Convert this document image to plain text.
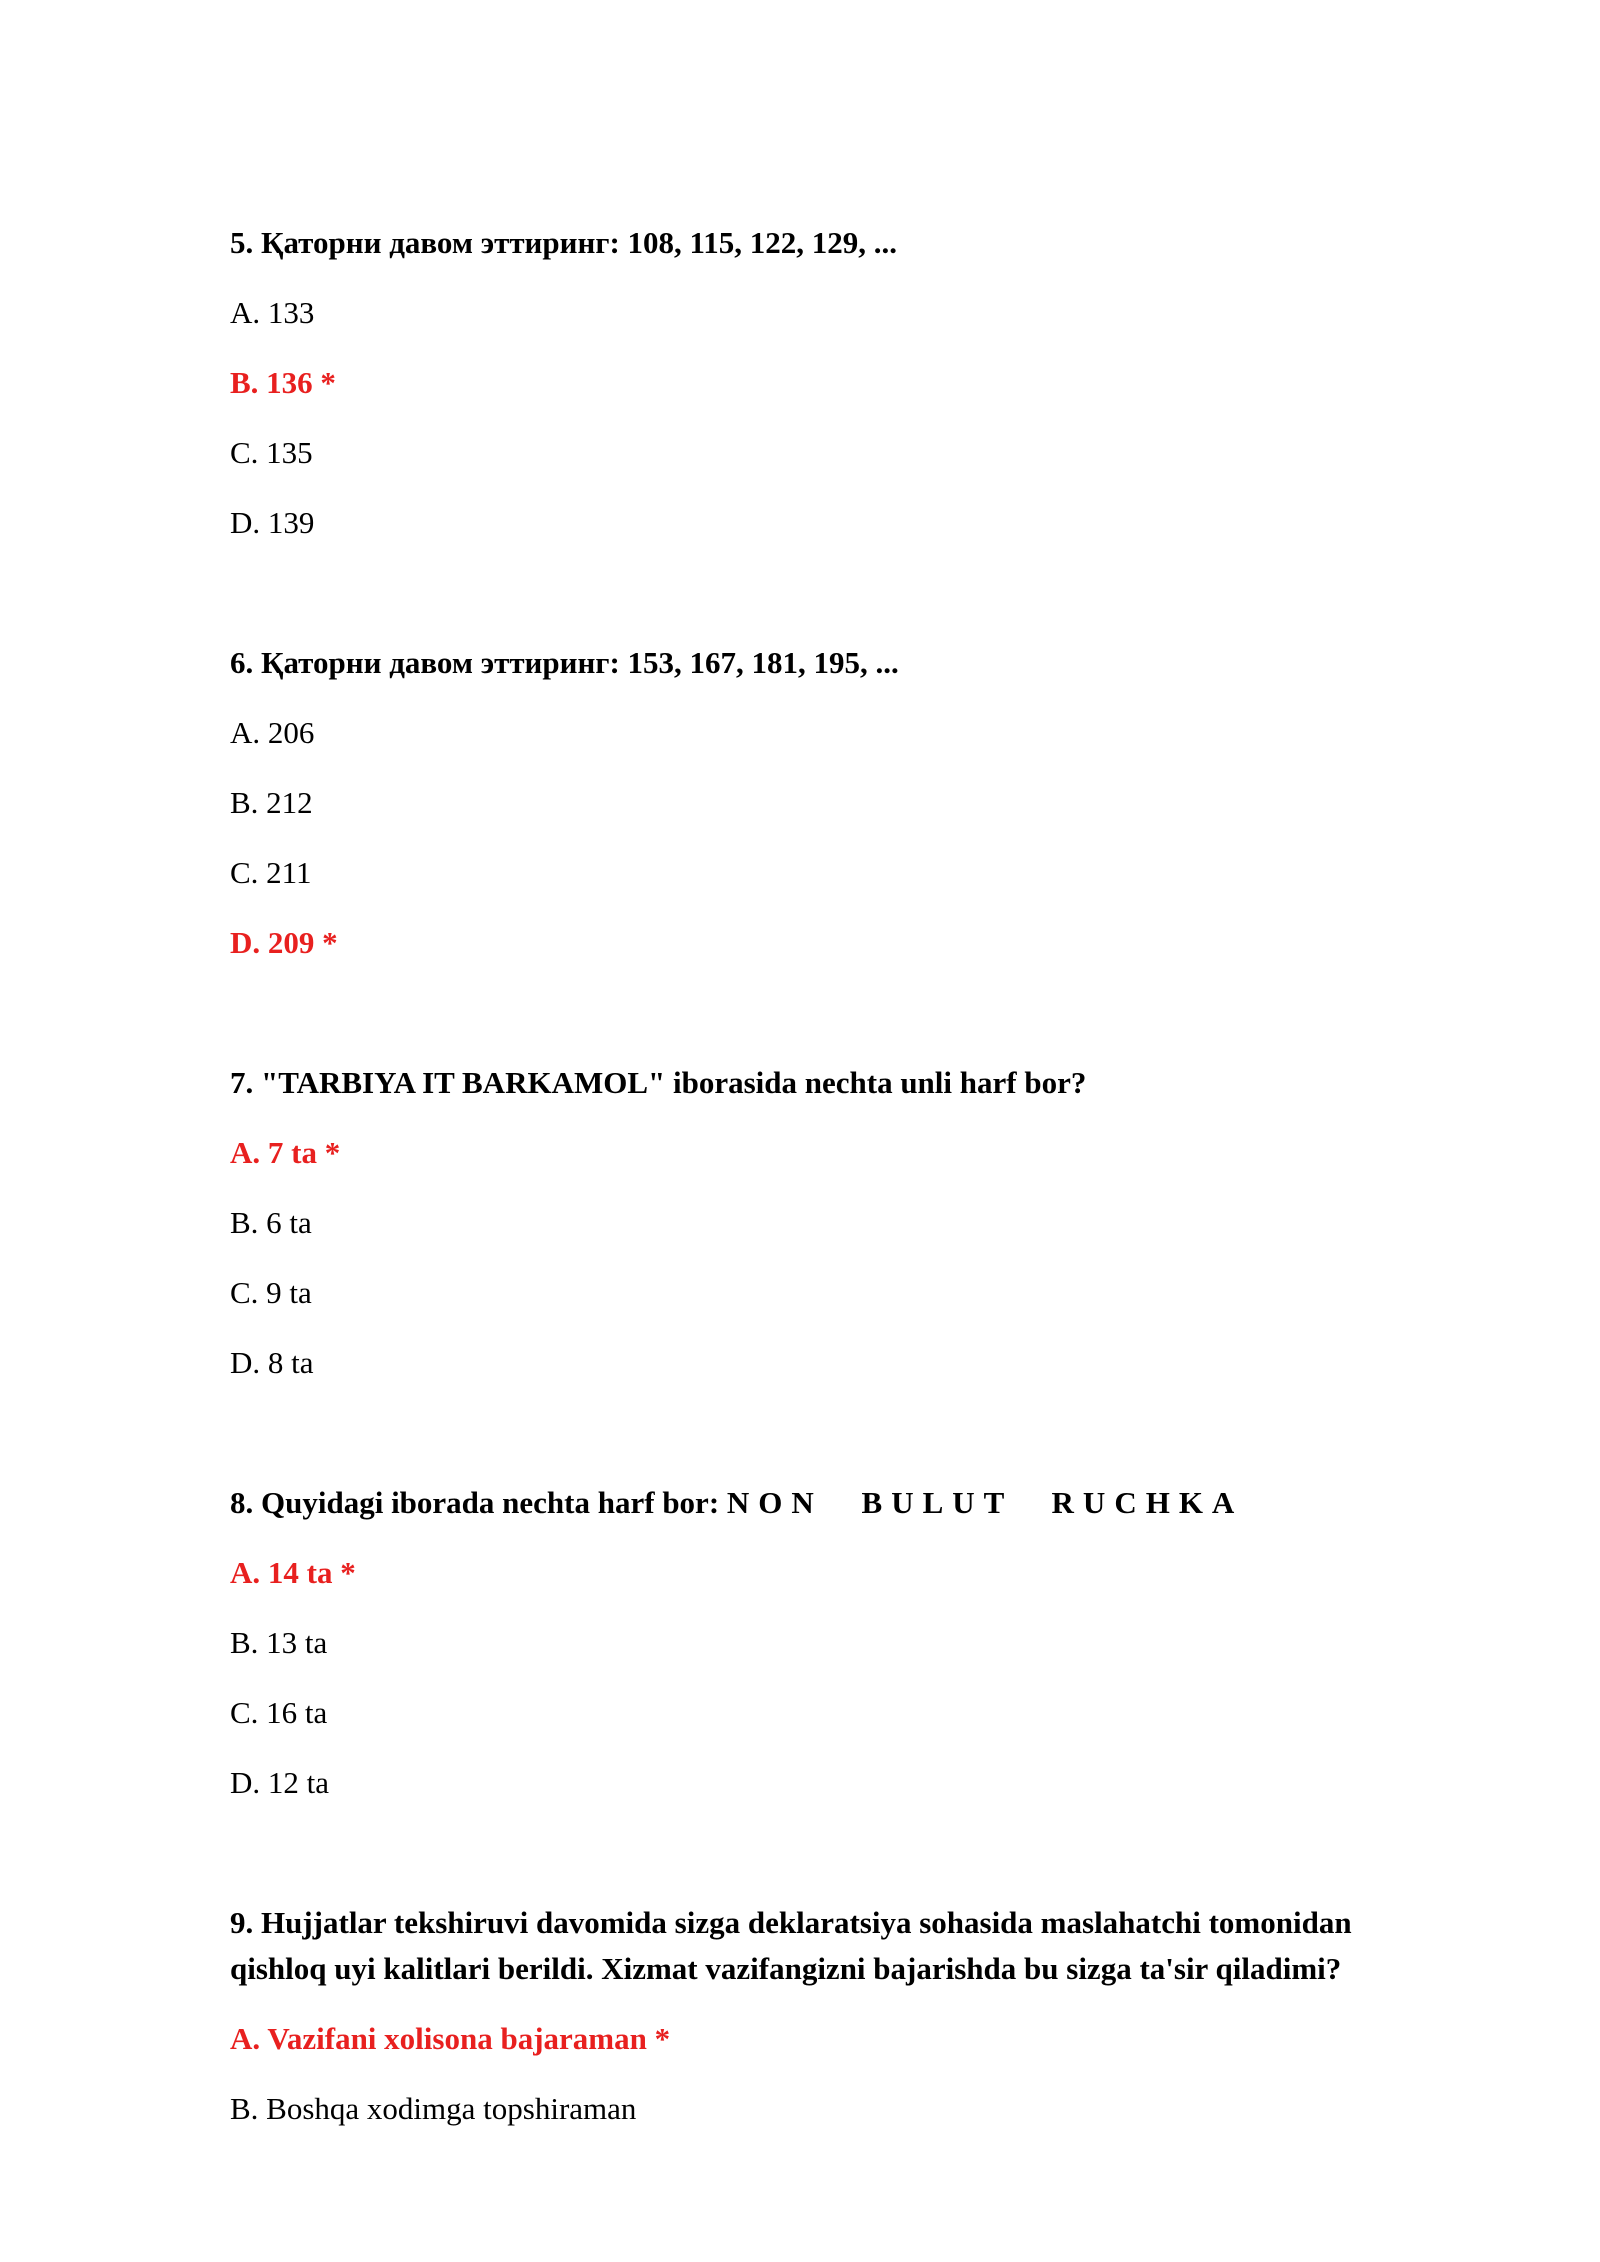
5. Қаторни давом эттиринг: 108, 115, 122, 129, ...

A. 133

B. 136 *

C. 135

D. 139

6. Қаторни давом эттиринг: 153, 167, 181, 195, ...

A. 206

B. 212

C. 211

D. 209 *

7. "TARBIYA IT BARKAMOL" iborasida nechta unli harf bor?

A. 7 ta *

B. 6 ta

C. 9 ta

D. 8 ta

8. Quyidagi iborada nechta harf bor: NON BULUT RUCHKA

A. 14 ta *

B. 13 ta

C. 16 ta

D. 12 ta

9. Hujjatlar tekshiruvi davomida sizga deklaratsiya sohasida maslahatchi tomonidan

qishloq uyi kalitlari berildi. Xizmat vazifangizni bajarishda bu sizga ta'sir qiladimi?

A. Vazifani xolisona bajaraman *

B. Boshqa xodimga topshiraman
